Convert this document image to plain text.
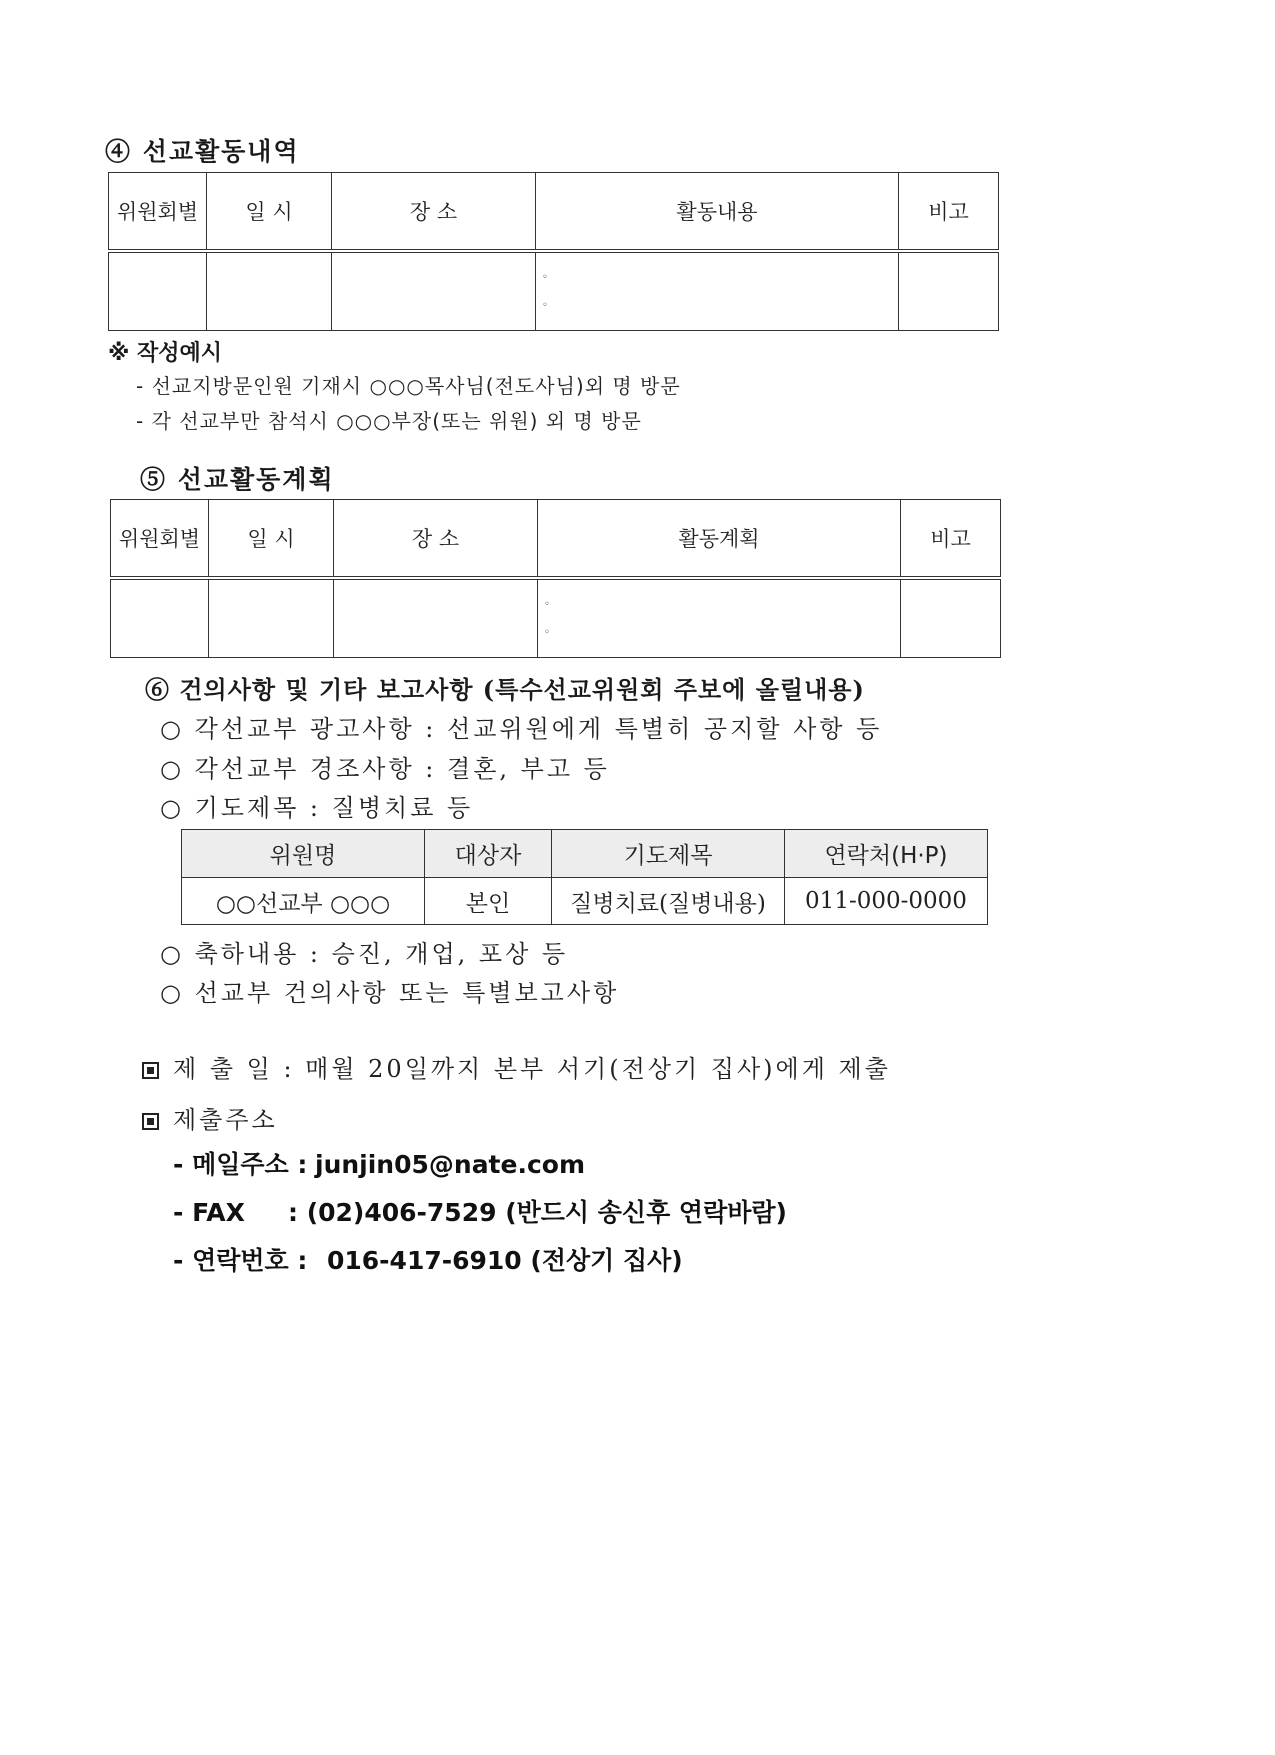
④ 선교활동내역
위원회별	일 시	장 소	활동내용	비고

			◦
◦	

※ 작성예시
- 선교지방문인원 기재시 ○○○목사님(전도사님)외 명 방문
- 각 선교부만 참석시 ○○○부장(또는 위원) 외 명 방문
⑤ 선교활동계획
위원회별	일 시	장 소	활동계획	비고

			◦
◦	

⑥ 건의사항 및 기타 보고사항 (특수선교위원회 주보에 올릴내용)
○ 각선교부 광고사항 : 선교위원에게 특별히 공지할 사항 등
○ 각선교부 경조사항 : 결혼, 부고 등
○ 기도제목 : 질병치료 등
위원명	대상자	기도제목	연락처(H·P)
○○선교부 ○○○	본인	질병치료(질병내용)	011-000-0000
○ 축하내용 : 승진, 개업, 포상 등
○ 선교부 건의사항 또는 특별보고사항
제 출 일 : 매월 20일까지 본부 서기(전상기 집사)에게 제출
제출주소
- 메일주소 : junjin05@nate.com
- FAX : (02)406-7529 (반드시 송신후 연락바람)
- 연락번호 : 016-417-6910 (전상기 집사)
